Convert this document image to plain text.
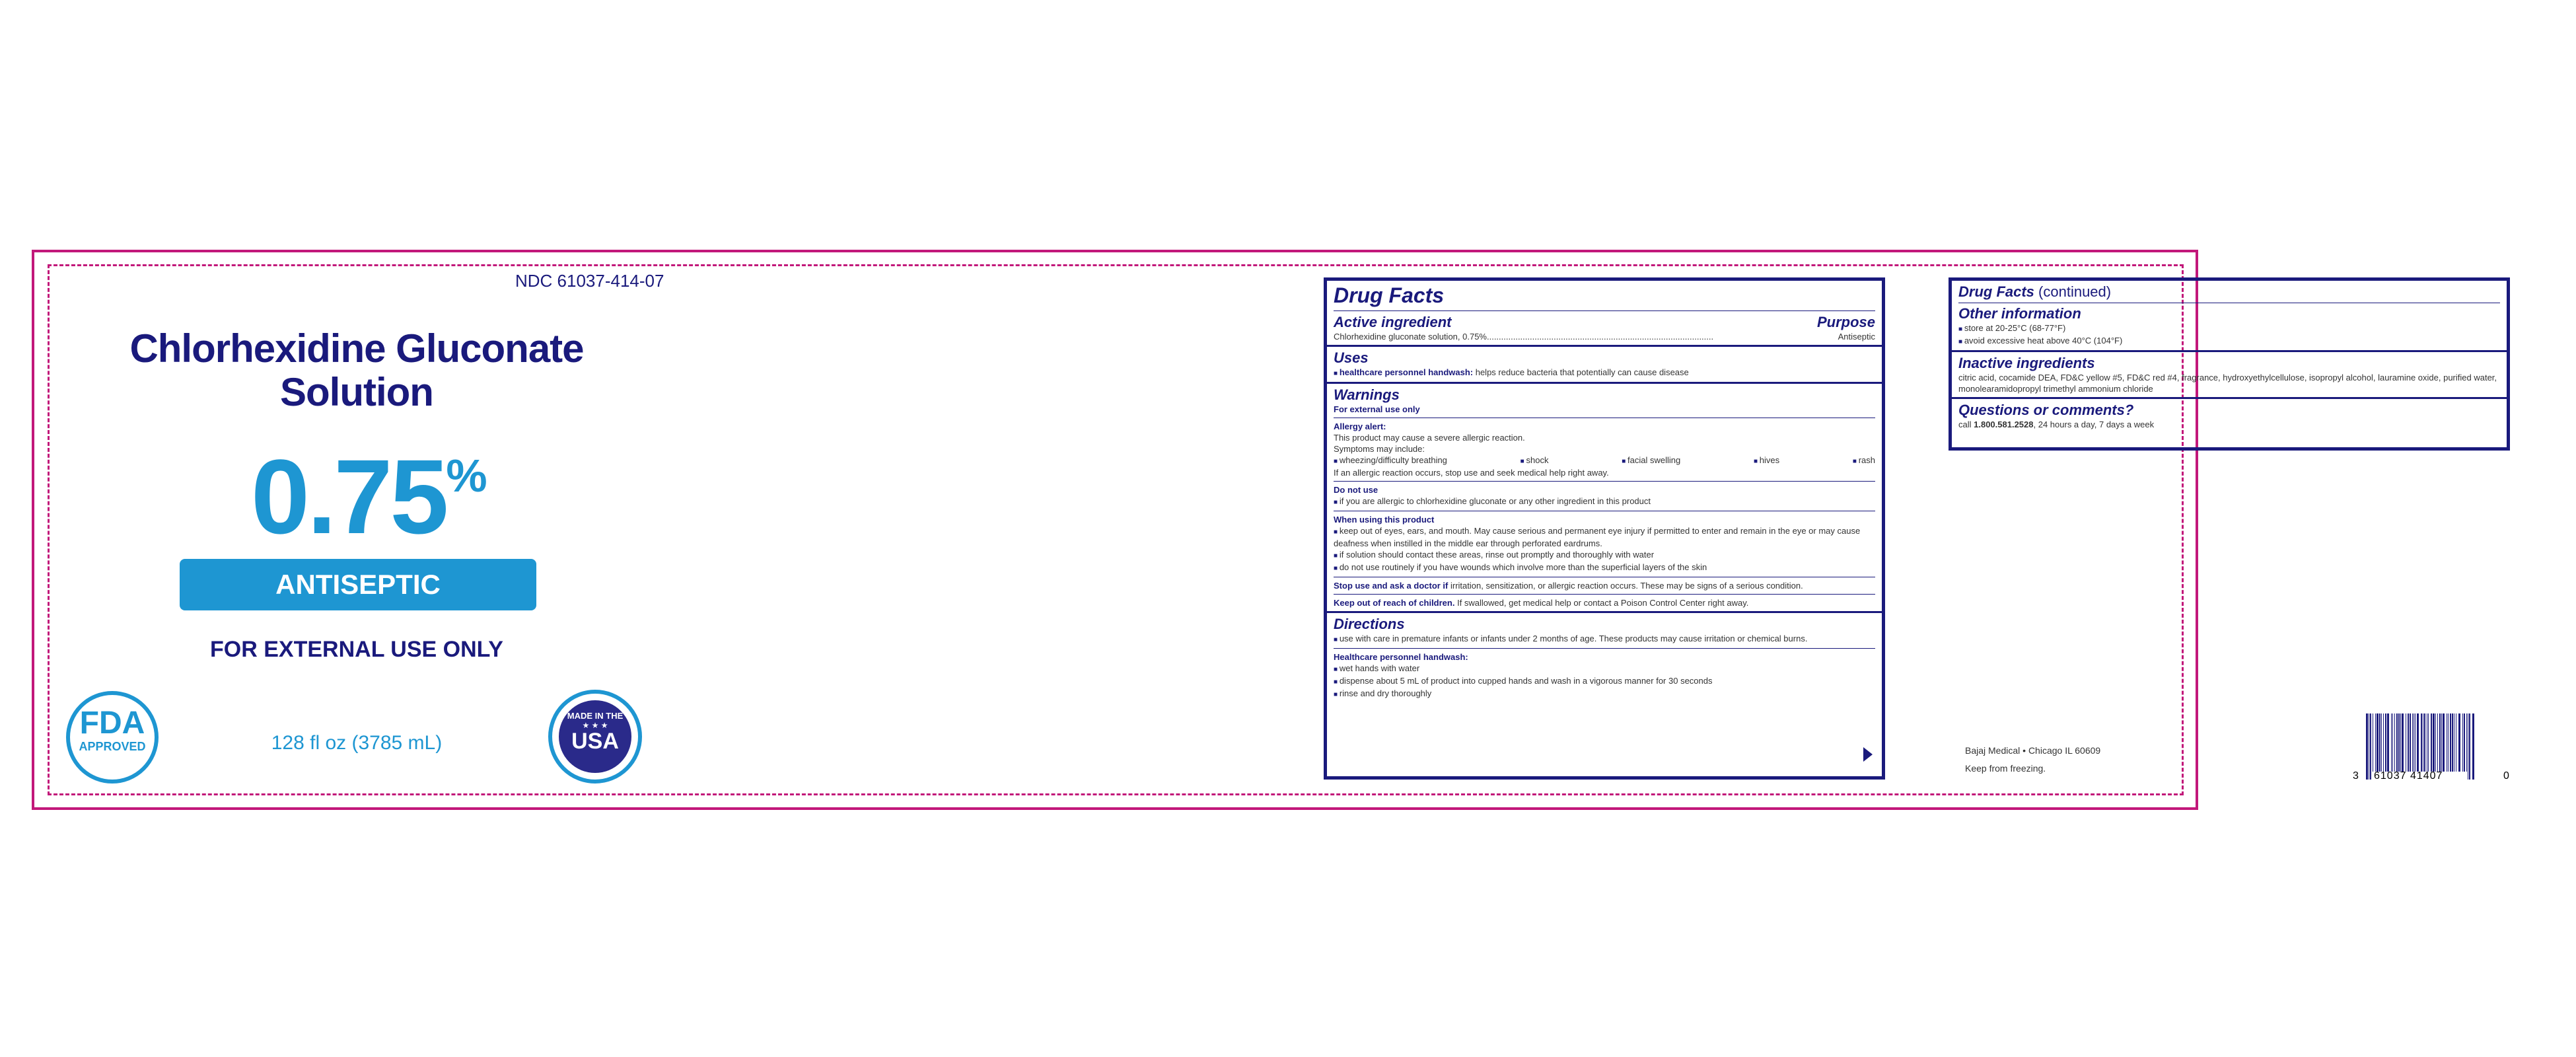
NDC 61037-414-07
Chlorhexidine Gluconate
Solution
0.75%
ANTISEPTIC
FOR EXTERNAL USE ONLY
FDA
APPROVED	128 fl oz (3785 mL)
MADE IN THE
★ ★ ★
USA
Drug Facts
Active ingredient	Purpose
Chlorhexidine gluconate solution, 0.75%...............................................................................................	Antiseptic
Uses
■ healthcare personnel handwash: helps reduce bacteria that potentially can cause disease
Warnings
For external use only
Allergy alert:
This product may cause a severe allergic reaction.
Symptoms may include:
■ wheezing/difficulty breathing	■ shock	■ facial swelling	■ hives	■ rash
If an allergic reaction occurs, stop use and seek medical help right away.
Do not use
■ if you are allergic to chlorhexidine gluconate or any other ingredient in this product
When using this product
■ keep out of eyes, ears, and mouth. May cause serious and permanent eye injury if permitted to enter and remain in the eye or may cause deafness when instilled in the middle ear through perforated eardrums.
■ if solution should contact these areas, rinse out promptly and thoroughly with water
■ do not use routinely if you have wounds which involve more than the superficial layers of the skin
Stop use and ask a doctor if irritation, sensitization, or allergic reaction occurs. These may be signs of a serious condition.
Keep out of reach of children. If swallowed, get medical help or contact a Poison Control Center right away.
Directions
■ use with care in premature infants or infants under 2 months of age. These products may cause irritation or chemical burns.
Healthcare personnel handwash:
■ wet hands with water
■ dispense about 5 mL of product into cupped hands and wash in a vigorous manner for 30 seconds
■ rinse and dry thoroughly
Drug Facts (continued)
Other information
■ store at 20-25°C (68-77°F)
■ avoid excessive heat above 40°C (104°F)
Inactive ingredients
citric acid, cocamide DEA, FD&C yellow #5, FD&C red #4, fragrance, hydroxyethylcellulose, isopropyl alcohol, lauramine oxide, purified water, monolearamidopropyl trimethyl ammonium chloride
Questions or comments?
call 1.800.581.2528, 24 hours a day, 7 days a week
Bajaj Medical • Chicago IL 60609
Keep from freezing.
3 61037 41407	0
